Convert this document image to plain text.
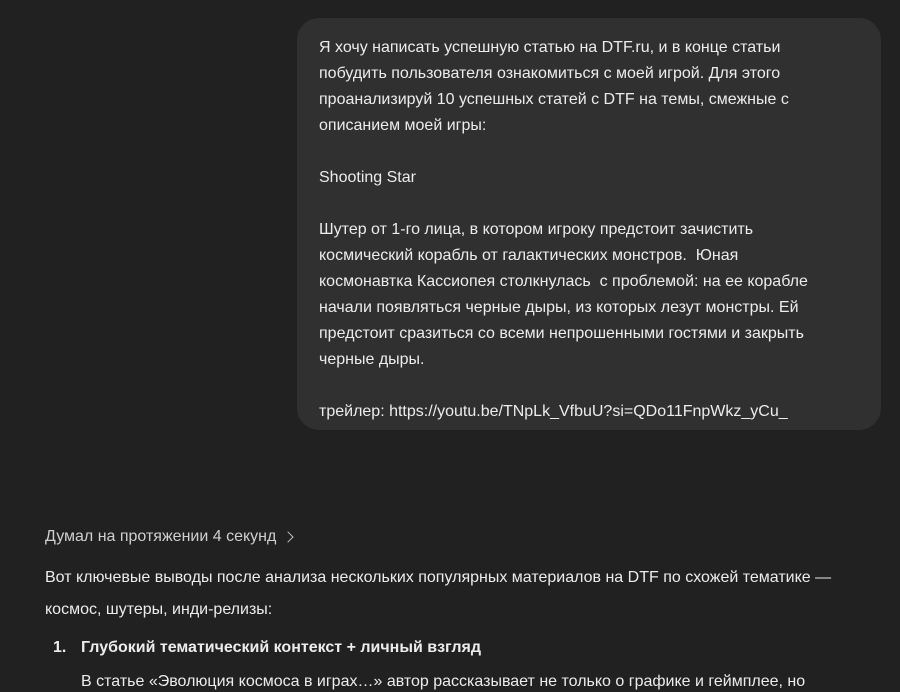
Я хочу написать успешную статью на DTF.ru, и в конце статьи
побудить пользователя ознакомиться с моей игрой. Для этого
проанализируй 10 успешных статей с DTF на темы, смежные с
описанием моей игры:

Shooting Star

Шутер от 1-го лица, в котором игроку предстоит зачистить
космический корабль от галактических монстров.  Юная
космонавтка Кассиопея столкнулась  с проблемой: на ее корабле
начали появляться черные дыры, из которых лезут монстры. Ей
предстоит сразиться со всеми непрошенными гостями и закрыть
черные дыры.

трейлер: https://youtu.be/TNpLk_VfbuU?si=QDo11FnpWkz_yCu_

Думал на протяжении 4 секунд

Вот ключевые выводы после анализа нескольких популярных материалов на DTF по схожей тематике — космос, шутеры, инди-релизы:

1. Глубокий тематический контекст + личный взгляд
В статье «Эволюция космоса в играх…» автор рассказывает не только о графике и геймплее, но
